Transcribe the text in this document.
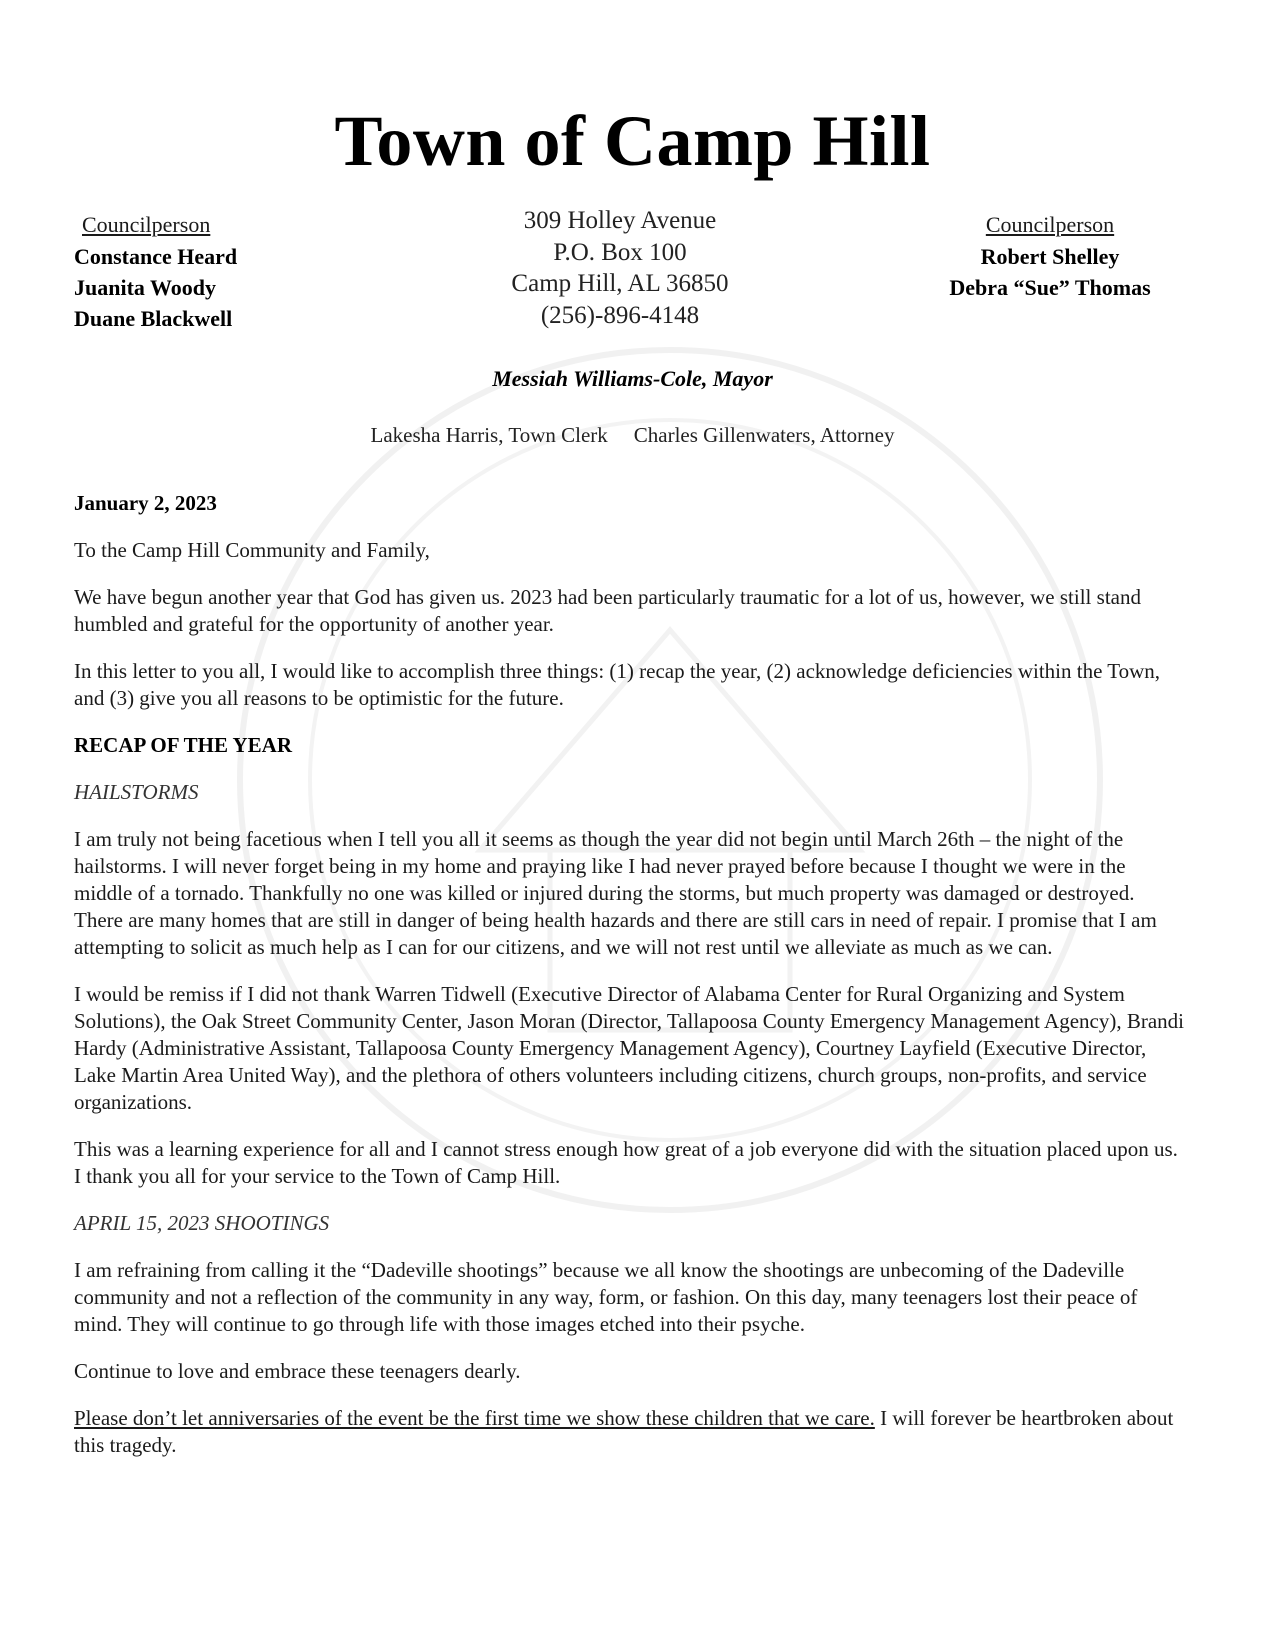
Town of Camp Hill
Councilperson
Constance Heard
Juanita Woody
Duane Blackwell
309 Holley Avenue
P.O. Box 100
Camp Hill, AL 36850
(256)-896-4148
Councilperson
Robert Shelley
Debra “Sue” Thomas
Messiah Williams-Cole, Mayor
Lakesha Harris, Town Clerk Charles Gillenwaters, Attorney

January 2, 2023

To the Camp Hill Community and Family,

We have begun another year that God has given us. 2023 had been particularly traumatic for a lot of us, however, we still stand humbled and grateful for the opportunity of another year.

In this letter to you all, I would like to accomplish three things: (1) recap the year, (2) acknowledge deficiencies within the Town, and (3) give you all reasons to be optimistic for the future.

RECAP OF THE YEAR

HAILSTORMS

I am truly not being facetious when I tell you all it seems as though the year did not begin until March 26th – the night of the hailstorms. I will never forget being in my home and praying like I had never prayed before because I thought we were in the middle of a tornado. Thankfully no one was killed or injured during the storms, but much property was damaged or destroyed. There are many homes that are still in danger of being health hazards and there are still cars in need of repair. I promise that I am attempting to solicit as much help as I can for our citizens, and we will not rest until we alleviate as much as we can.

I would be remiss if I did not thank Warren Tidwell (Executive Director of Alabama Center for Rural Organizing and System Solutions), the Oak Street Community Center, Jason Moran (Director, Tallapoosa County Emergency Management Agency), Brandi Hardy (Administrative Assistant, Tallapoosa County Emergency Management Agency), Courtney Layfield (Executive Director, Lake Martin Area United Way), and the plethora of others volunteers including citizens, church groups, non-profits, and service organizations.

This was a learning experience for all and I cannot stress enough how great of a job everyone did with the situation placed upon us. I thank you all for your service to the Town of Camp Hill.

APRIL 15, 2023 SHOOTINGS

I am refraining from calling it the “Dadeville shootings” because we all know the shootings are unbecoming of the Dadeville community and not a reflection of the community in any way, form, or fashion. On this day, many teenagers lost their peace of mind. They will continue to go through life with those images etched into their psyche.

Continue to love and embrace these teenagers dearly.

Please don’t let anniversaries of the event be the first time we show these children that we care. I will forever be heartbroken about this tragedy.
